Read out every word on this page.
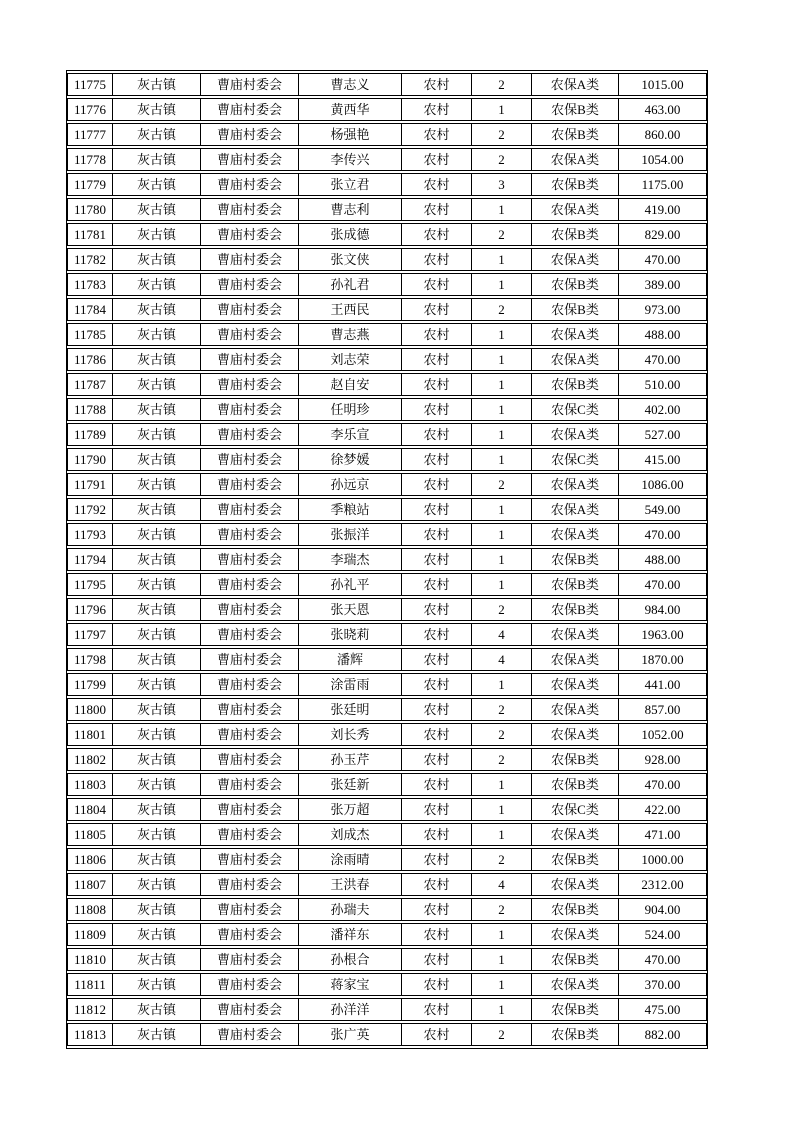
11775	灰古镇	曹庙村委会	曹志义	农村	2	农保A类	1015.00
11776	灰古镇	曹庙村委会	黄西华	农村	1	农保B类	463.00
11777	灰古镇	曹庙村委会	杨强艳	农村	2	农保B类	860.00
11778	灰古镇	曹庙村委会	李传兴	农村	2	农保A类	1054.00
11779	灰古镇	曹庙村委会	张立君	农村	3	农保B类	1175.00
11780	灰古镇	曹庙村委会	曹志利	农村	1	农保A类	419.00
11781	灰古镇	曹庙村委会	张成德	农村	2	农保B类	829.00
11782	灰古镇	曹庙村委会	张文侠	农村	1	农保A类	470.00
11783	灰古镇	曹庙村委会	孙礼君	农村	1	农保B类	389.00
11784	灰古镇	曹庙村委会	王西民	农村	2	农保B类	973.00
11785	灰古镇	曹庙村委会	曹志燕	农村	1	农保A类	488.00
11786	灰古镇	曹庙村委会	刘志荣	农村	1	农保A类	470.00
11787	灰古镇	曹庙村委会	赵自安	农村	1	农保B类	510.00
11788	灰古镇	曹庙村委会	任明珍	农村	1	农保C类	402.00
11789	灰古镇	曹庙村委会	李乐宣	农村	1	农保A类	527.00
11790	灰古镇	曹庙村委会	徐梦媛	农村	1	农保C类	415.00
11791	灰古镇	曹庙村委会	孙远京	农村	2	农保A类	1086.00
11792	灰古镇	曹庙村委会	季粮站	农村	1	农保A类	549.00
11793	灰古镇	曹庙村委会	张振洋	农村	1	农保A类	470.00
11794	灰古镇	曹庙村委会	李瑞杰	农村	1	农保B类	488.00
11795	灰古镇	曹庙村委会	孙礼平	农村	1	农保B类	470.00
11796	灰古镇	曹庙村委会	张天恩	农村	2	农保B类	984.00
11797	灰古镇	曹庙村委会	张晓莉	农村	4	农保A类	1963.00
11798	灰古镇	曹庙村委会	潘辉	农村	4	农保A类	1870.00
11799	灰古镇	曹庙村委会	涂雷雨	农村	1	农保A类	441.00
11800	灰古镇	曹庙村委会	张廷明	农村	2	农保A类	857.00
11801	灰古镇	曹庙村委会	刘长秀	农村	2	农保A类	1052.00
11802	灰古镇	曹庙村委会	孙玉芹	农村	2	农保B类	928.00
11803	灰古镇	曹庙村委会	张廷新	农村	1	农保B类	470.00
11804	灰古镇	曹庙村委会	张万超	农村	1	农保C类	422.00
11805	灰古镇	曹庙村委会	刘成杰	农村	1	农保A类	471.00
11806	灰古镇	曹庙村委会	涂雨晴	农村	2	农保B类	1000.00
11807	灰古镇	曹庙村委会	王洪春	农村	4	农保A类	2312.00
11808	灰古镇	曹庙村委会	孙瑞夫	农村	2	农保B类	904.00
11809	灰古镇	曹庙村委会	潘祥东	农村	1	农保A类	524.00
11810	灰古镇	曹庙村委会	孙根合	农村	1	农保B类	470.00
11811	灰古镇	曹庙村委会	蒋家宝	农村	1	农保A类	370.00
11812	灰古镇	曹庙村委会	孙洋洋	农村	1	农保B类	475.00
11813	灰古镇	曹庙村委会	张广英	农村	2	农保B类	882.00
